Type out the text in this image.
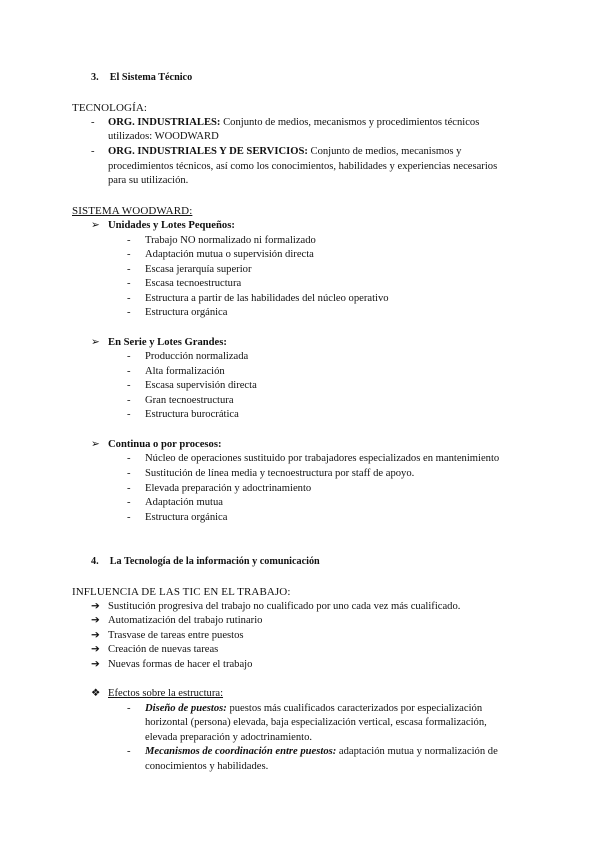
3. El Sistema Técnico
TECNOLOGÍA:
- ORG. INDUSTRIALES: Conjunto de medios, mecanismos y procedimientos técnicos
utilizados: WOODWARD
- ORG. INDUSTRIALES Y DE SERVICIOS: Conjunto de medios, mecanismos y
procedimientos técnicos, así como los conocimientos, habilidades y experiencias necesarios
para su utilización.
SISTEMA WOODWARD:
➢ Unidades y Lotes Pequeños:
- Trabajo NO normalizado ni formalizado
- Adaptación mutua o supervisión directa
- Escasa jerarquía superior
- Escasa tecnoestructura
- Estructura a partir de las habilidades del núcleo operativo
- Estructura orgánica
➢ En Serie y Lotes Grandes:
- Producción normalizada
- Alta formalización
- Escasa supervisión directa
- Gran tecnoestructura
- Estructura burocrática
➢ Continua o por procesos:
- Núcleo de operaciones sustituido por trabajadores especializados en mantenimiento
- Sustitución de línea media y tecnoestructura por staff de apoyo.
- Elevada preparación y adoctrinamiento
- Adaptación mutua
- Estructura orgánica
4. La Tecnología de la información y comunicación
INFLUENCIA DE LAS TIC EN EL TRABAJO:
➔ Sustitución progresiva del trabajo no cualificado por uno cada vez más cualificado.
➔ Automatización del trabajo rutinario
➔ Trasvase de tareas entre puestos
➔ Creación de nuevas tareas
➔ Nuevas formas de hacer el trabajo
❖ Efectos sobre la estructura:
- Diseño de puestos: puestos más cualificados caracterizados por especialización
horizontal (persona) elevada, baja especialización vertical, escasa formalización,
elevada preparación y adoctrinamiento.
- Mecanismos de coordinación entre puestos: adaptación mutua y normalización de
conocimientos y habilidades.
